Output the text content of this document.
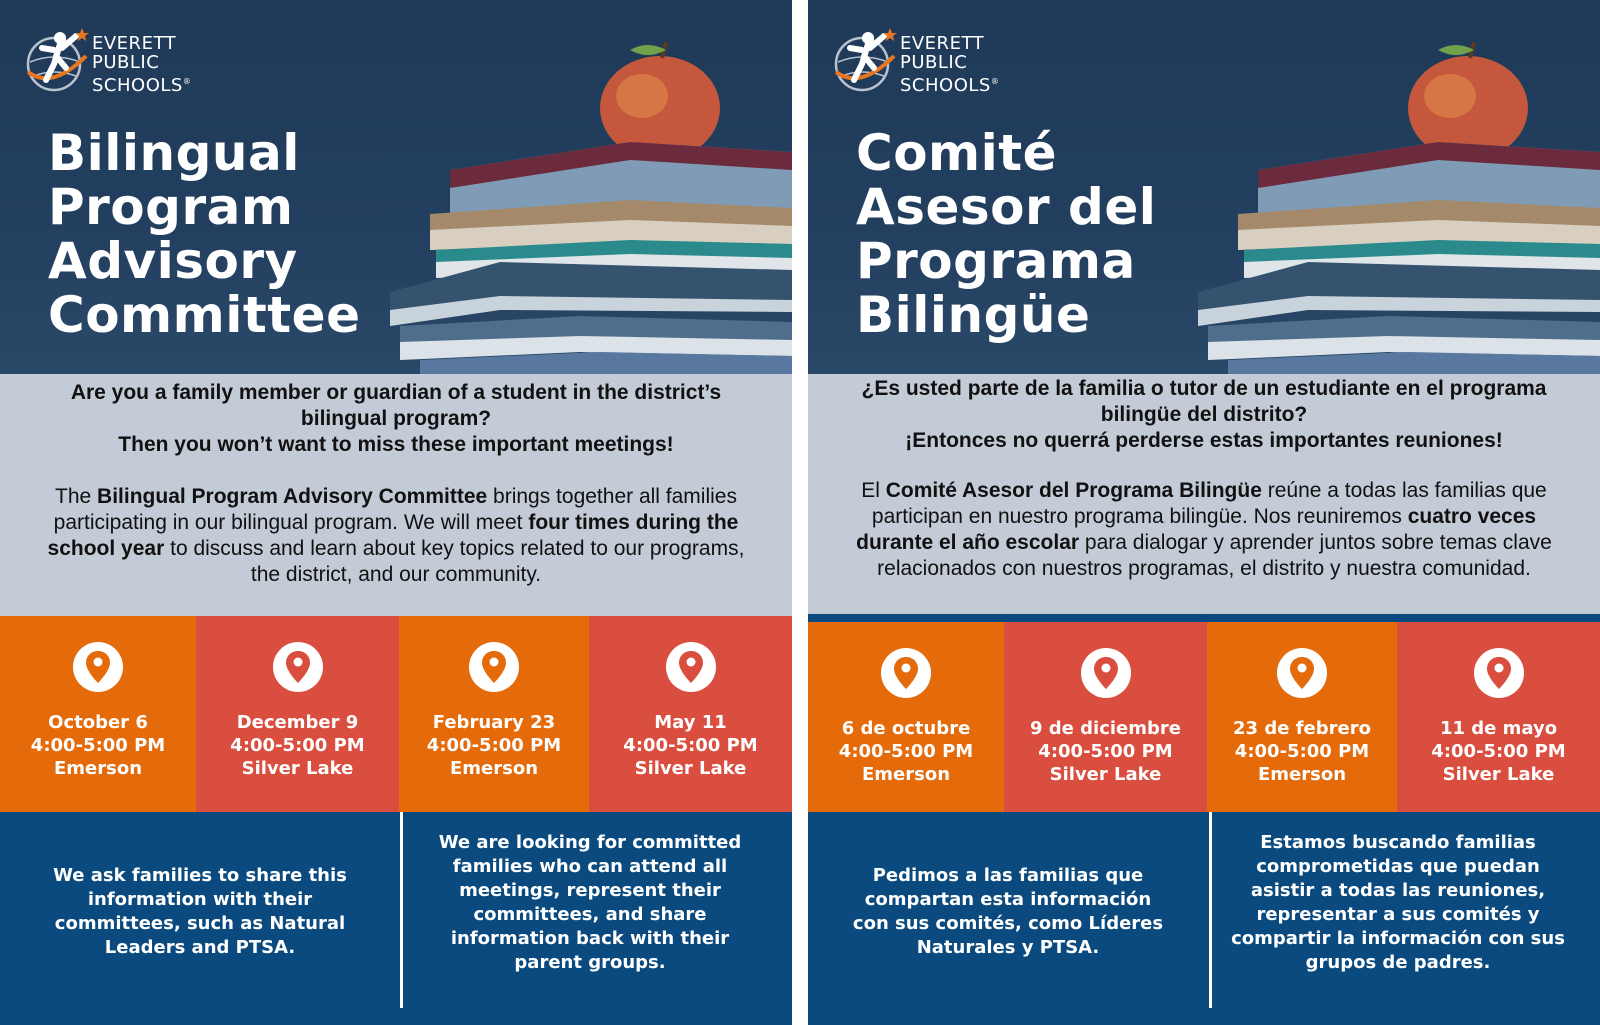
EVERETT
PUBLIC
SCHOOLS®
Bilingual
Program
Advisory
Committee
Are you a family member or guardian of a student in the district’s
bilingual program?
Then you won’t want to miss these important meetings!
The Bilingual Program Advisory Committee brings together all families participating in our bilingual program. We will meet four times during the school year to discuss and learn about key topics related to our programs, the district, and our community.
October 6
4:00-5:00 PM
Emerson
December 9
4:00-5:00 PM
Silver Lake
February 23
4:00-5:00 PM
Emerson
May 11
4:00-5:00 PM
Silver Lake
We ask families to share this information with their committees, such as Natural Leaders and PTSA.
We are looking for committed families who can attend all meetings, represent their committees, and share information back with their parent groups.
EVERETT
PUBLIC
SCHOOLS®
Comité
Asesor del
Programa
Bilingüe
¿Es usted parte de la familia o tutor de un estudiante en el programa
bilingüe del distrito?
¡Entonces no querrá perderse estas importantes reuniones!
El Comité Asesor del Programa Bilingüe reúne a todas las familias que participan en nuestro programa bilingüe. Nos reuniremos cuatro veces durante el año escolar para dialogar y aprender juntos sobre temas clave relacionados con nuestros programas, el distrito y nuestra comunidad.
6 de octubre
4:00-5:00 PM
Emerson
9 de diciembre
4:00-5:00 PM
Silver Lake
23 de febrero
4:00-5:00 PM
Emerson
11 de mayo
4:00-5:00 PM
Silver Lake
Pedimos a las familias que compartan esta información con sus comités, como Líderes Naturales y PTSA.
Estamos buscando familias comprometidas que puedan asistir a todas las reuniones, representar a sus comités y compartir la información con sus grupos de padres.
